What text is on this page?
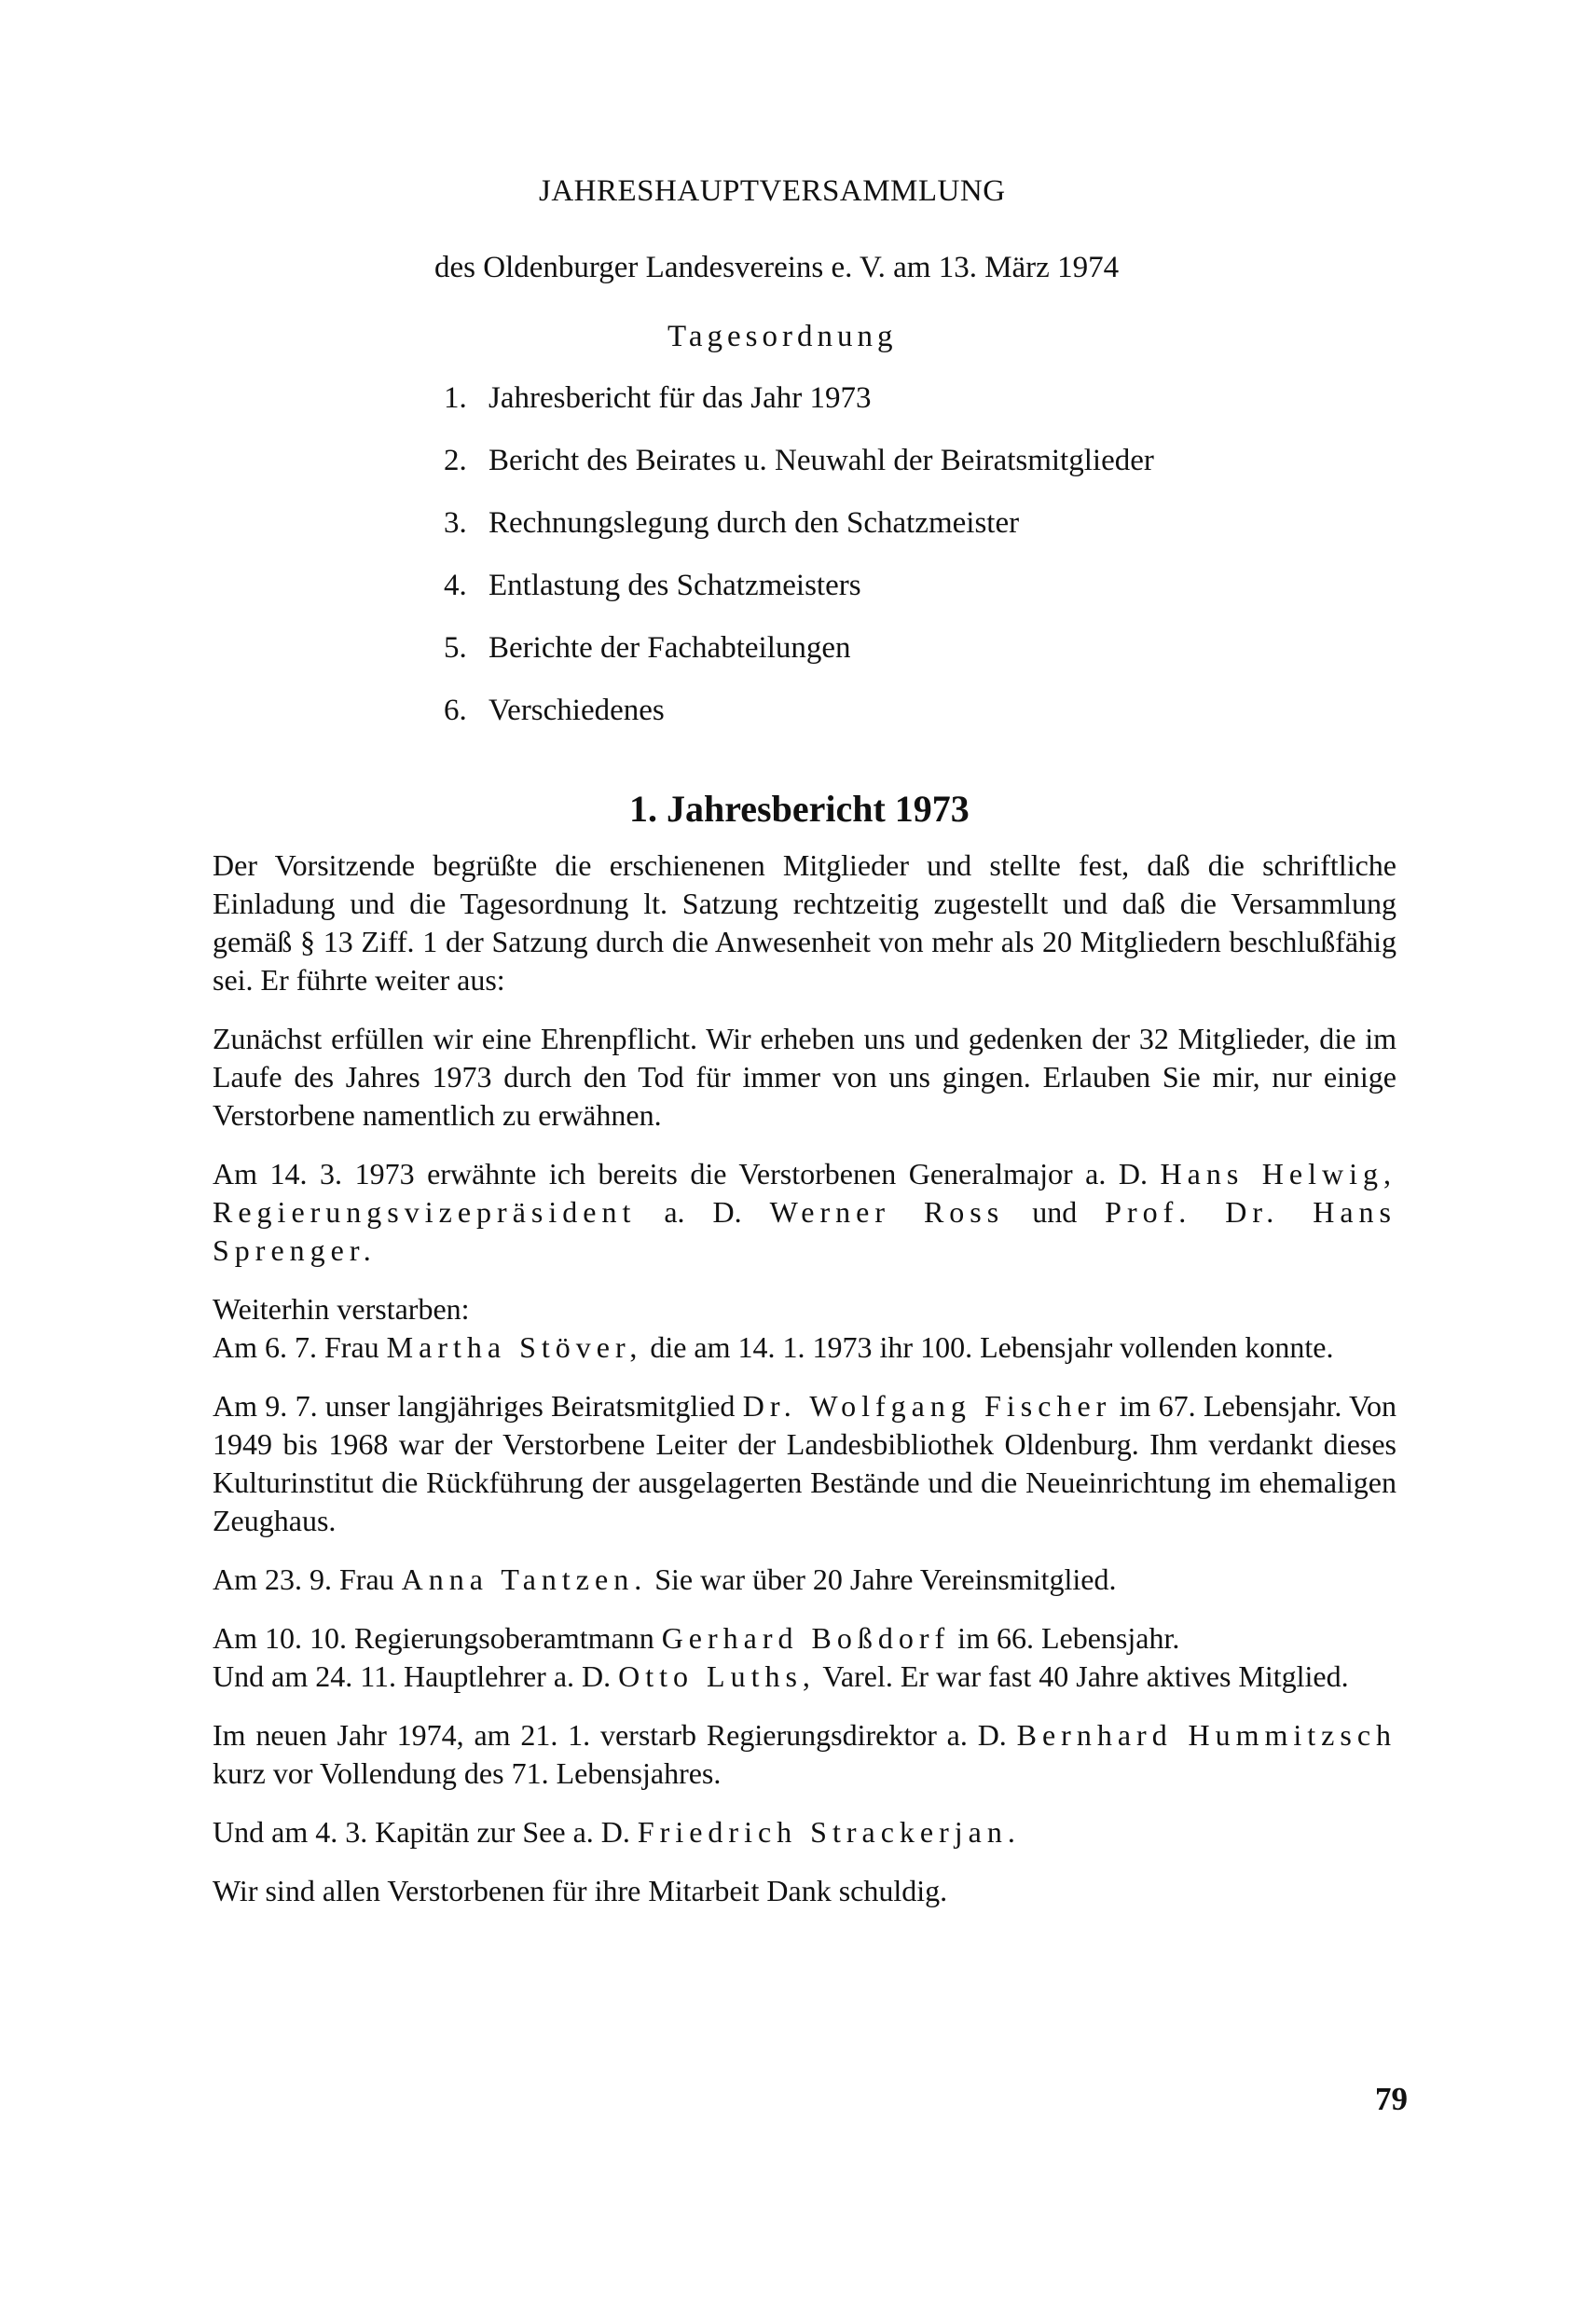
JAHRESHAUPTVERSAMMLUNG
des Oldenburger Landesvereins e. V. am 13. März 1974
Tagesordnung
1. Jahresbericht für das Jahr 1973
2. Bericht des Beirates u. Neuwahl der Beiratsmitglieder
3. Rechnungslegung durch den Schatzmeister
4. Entlastung des Schatzmeisters
5. Berichte der Fachabteilungen
6. Verschiedenes
1. Jahresbericht 1973

Der Vorsitzende begrüßte die erschienenen Mitglieder und stellte fest, daß die schriftliche Einladung und die Tagesordnung lt. Satzung rechtzeitig zugestellt und daß die Versammlung gemäß § 13 Ziff. 1 der Satzung durch die Anwesenheit von mehr als 20 Mitgliedern beschlußfähig sei. Er führte weiter aus:

Zunächst erfüllen wir eine Ehrenpflicht. Wir erheben uns und gedenken der 32 Mitglieder, die im Laufe des Jahres 1973 durch den Tod für immer von uns gingen. Erlauben Sie mir, nur einige Verstorbene namentlich zu erwähnen.

Am 14. 3. 1973 erwähnte ich bereits die Verstorbenen Generalmajor a. D. Hans Helwig, Regierungsvizepräsident a. D. Werner Ross und Prof. Dr. Hans Sprenger.

Weiterhin verstarben:
Am 6. 7. Frau Martha Stöver, die am 14. 1. 1973 ihr 100. Lebensjahr vollenden konnte.

Am 9. 7. unser langjähriges Beiratsmitglied Dr. Wolfgang Fischer im 67. Lebensjahr. Von 1949 bis 1968 war der Verstorbene Leiter der Landesbibliothek Oldenburg. Ihm verdankt dieses Kulturinstitut die Rückführung der ausgelagerten Bestände und die Neueinrichtung im ehemaligen Zeughaus.

Am 23. 9. Frau Anna Tantzen. Sie war über 20 Jahre Vereinsmitglied.

Am 10. 10. Regierungsoberamtmann Gerhard Boßdorf im 66. Lebensjahr.
Und am 24. 11. Hauptlehrer a. D. Otto Luths, Varel. Er war fast 40 Jahre aktives Mitglied.

Im neuen Jahr 1974, am 21. 1. verstarb Regierungsdirektor a. D. Bernhard Hummitzsch kurz vor Vollendung des 71. Lebensjahres.

Und am 4. 3. Kapitän zur See a. D. Friedrich Strackerjan.

Wir sind allen Verstorbenen für ihre Mitarbeit Dank schuldig.

79
